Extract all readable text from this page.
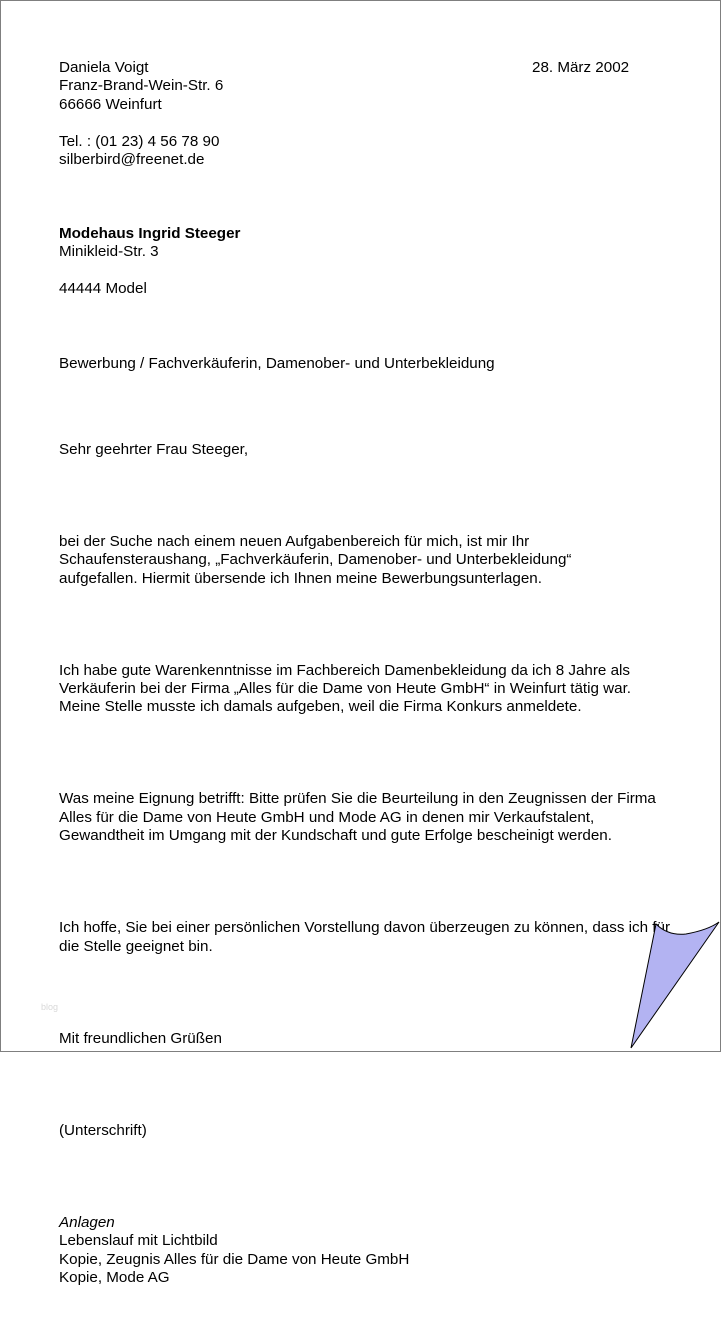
Daniela Voigt
Franz-Brand-Wein-Str. 6
66666 Weinfurt
Tel. : (01 23) 4 56 78 90
silberbird@freenet.de
28. März 2002
Modehaus Ingrid Steeger
Minikleid-Str. 3
44444 Model
Bewerbung / Fachverkäuferin, Damenober- und Unterbekleidung

Sehr geehrter Frau Steeger,

bei der Suche nach einem neuen Aufgabenbereich für mich, ist mir Ihr
Schaufensteraushang, „Fachverkäuferin, Damenober- und Unterbekleidung“
aufgefallen. Hiermit übersende ich Ihnen meine Bewerbungsunterlagen.

Ich habe gute Warenkenntnisse im Fachbereich Damenbekleidung da ich 8 Jahre als
Verkäuferin bei der Firma „Alles für die Dame von Heute GmbH“ in Weinfurt tätig war.
Meine Stelle musste ich damals aufgeben, weil die Firma Konkurs anmeldete.

Was meine Eignung betrifft: Bitte prüfen Sie die Beurteilung in den Zeugnissen der Firma
Alles für die Dame von Heute GmbH und Mode AG in denen mir Verkaufstalent,
Gewandtheit im Umgang mit der Kundschaft und gute Erfolge bescheinigt werden.

Ich hoffe, Sie bei einer persönlichen Vorstellung davon überzeugen zu können, dass ich für
die Stelle geeignet bin.

Mit freundlichen Grüßen

(Unterschrift)

Anlagen
Lebenslauf mit Lichtbild
Kopie, Zeugnis Alles für die Dame von Heute GmbH
Kopie, Mode AG

blog
